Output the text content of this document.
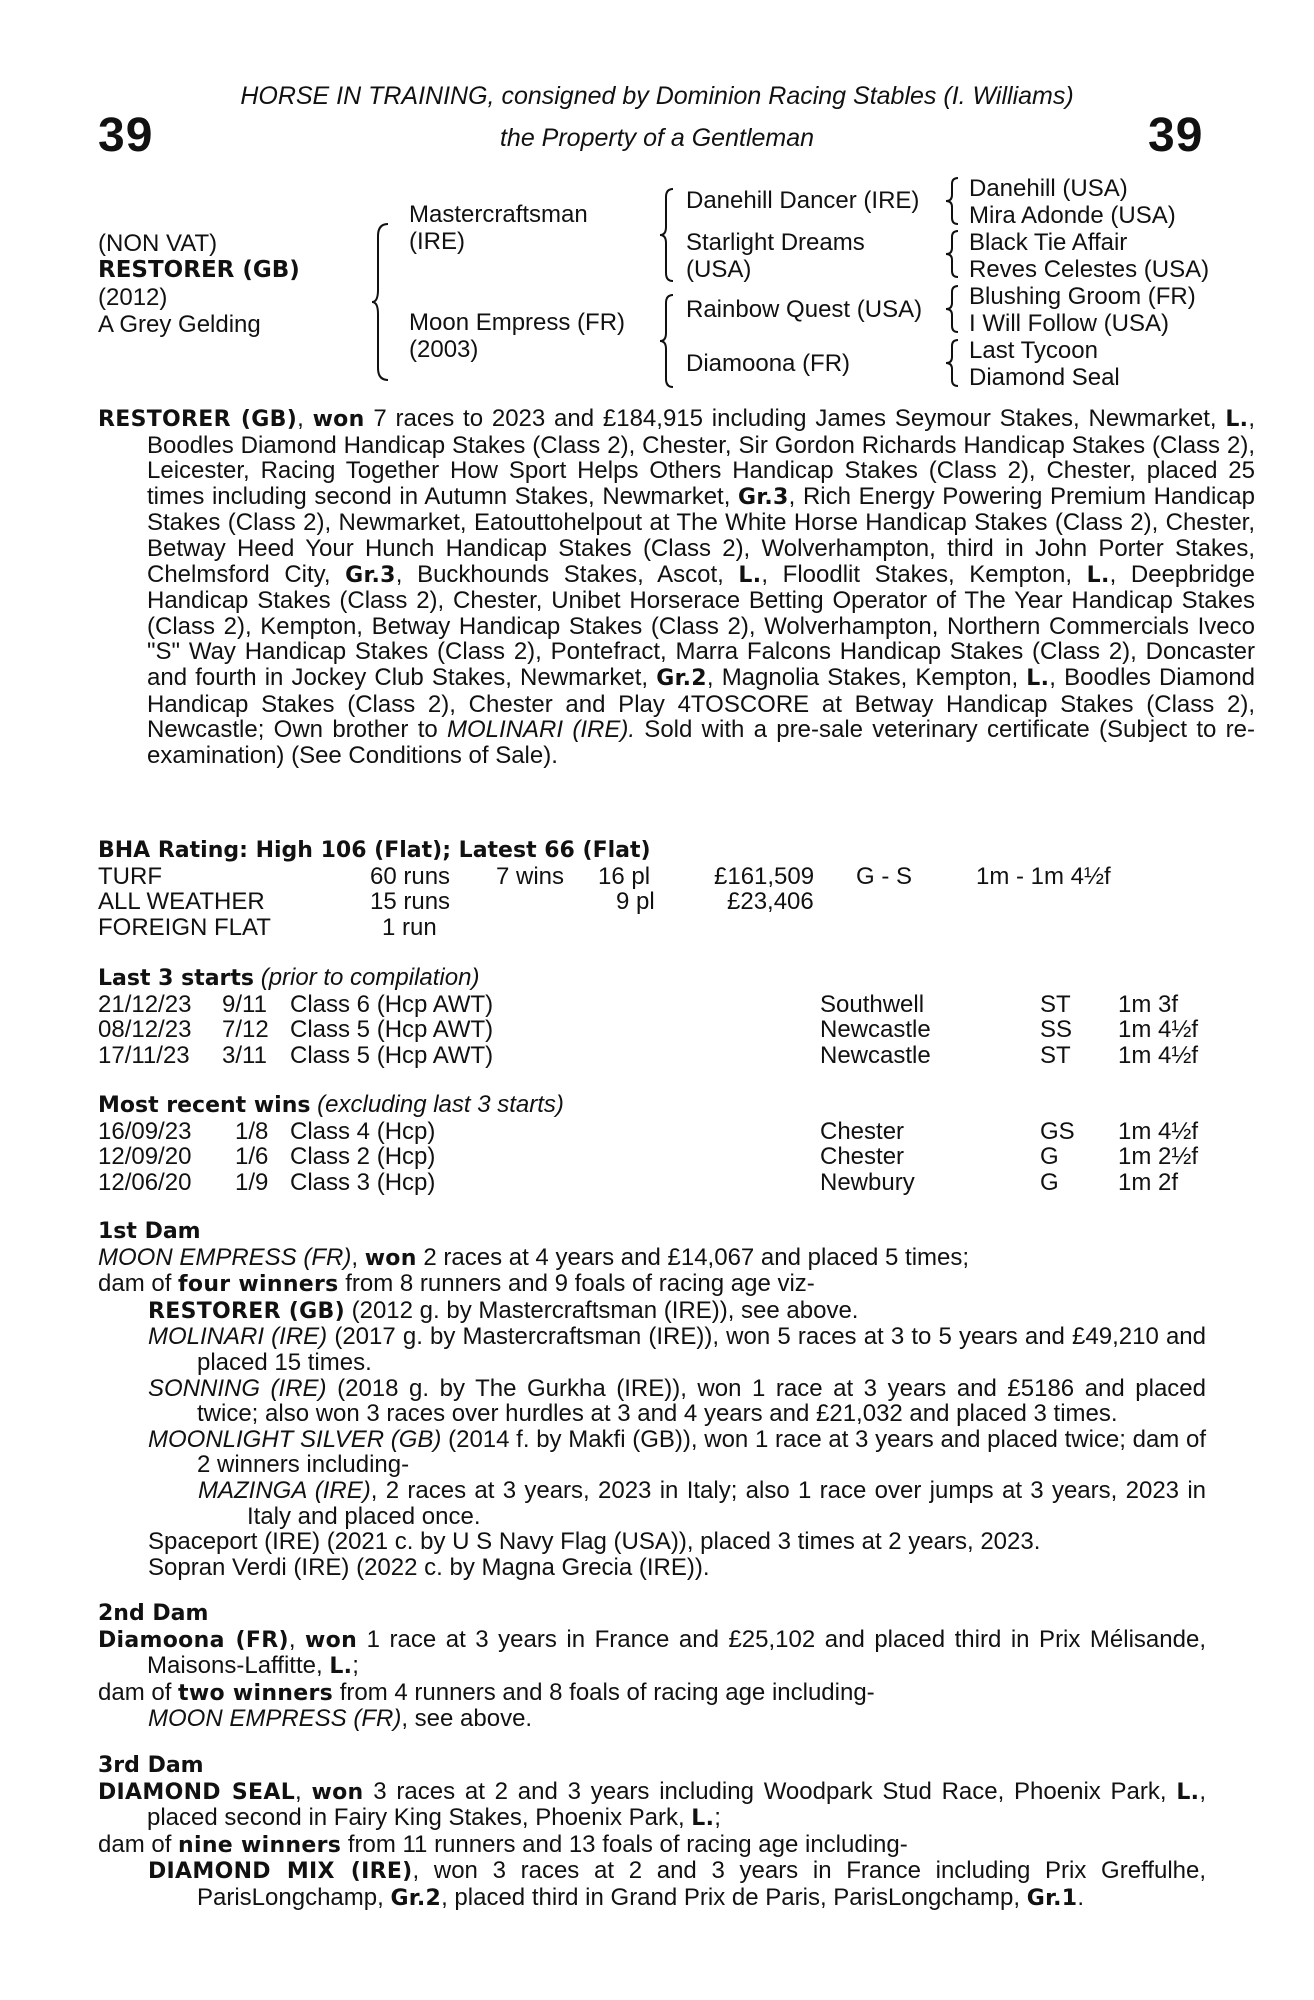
39	39
HORSE IN TRAINING, consigned by Dominion Racing Stables (I. Williams)
the Property of a Gentleman
(NON VAT)
RESTORER (GB)
(2012)
A Grey Gelding
Mastercraftsman
(IRE)
Moon Empress (FR)
(2003)
Danehill Dancer (IRE)
Starlight Dreams
(USA)
Rainbow Quest (USA)
Diamoona (FR)
Danehill (USA)
Mira Adonde (USA)
Black Tie Affair
Reves Celestes (USA)
Blushing Groom (FR)
I Will Follow (USA)
Last Tycoon
Diamond Seal
RESTORER (GB), won 7 races to 2023 and £184,915 including James Seymour Stakes, Newmarket, L., Boodles Diamond Handicap Stakes (Class 2), Chester, Sir Gordon Richards Handicap Stakes (Class 2), Leicester, Racing Together How Sport Helps Others Handicap Stakes (Class 2), Chester, placed 25 times including second in Autumn Stakes, Newmarket, Gr.3, Rich Energy Powering Premium Handicap Stakes (Class 2), Newmarket, Eatouttohelpout at The White Horse Handicap Stakes (Class 2), Chester, Betway Heed Your Hunch Handicap Stakes (Class 2), Wolverhampton, third in John Porter Stakes, Chelmsford City, Gr.3, Buckhounds Stakes, Ascot, L., Floodlit Stakes, Kempton, L., Deepbridge Handicap Stakes (Class 2), Chester, Unibet Horserace Betting Operator of The Year Handicap Stakes (Class 2), Kempton, Betway Handicap Stakes (Class 2), Wolverhampton, Northern Commercials Iveco "S" Way Handicap Stakes (Class 2), Pontefract, Marra Falcons Handicap Stakes (Class 2), Doncaster and fourth in Jockey Club Stakes, Newmarket, Gr.2, Magnolia Stakes, Kempton, L., Boodles Diamond Handicap Stakes (Class 2), Chester and Play 4TOSCORE at Betway Handicap Stakes (Class 2), Newcastle; Own brother to MOLINARI (IRE). Sold with a pre-sale veterinary certificate (Subject to re-examination) (See Conditions of Sale).
BHA Rating: High 106 (Flat); Latest 66 (Flat)
TURF	60 runs 7 wins 16 pl	£161,509 G - S	1m - 1m 4½f
ALL WEATHER	15 runs	9 pl	£23,406
FOREIGN FLAT	1 run
Last 3 starts (prior to compilation)
21/12/23 9/11 Class 6 (Hcp AWT)	Southwell	ST 1m 3f
08/12/23 7/12 Class 5 (Hcp AWT)	Newcastle	SS 1m 4½f
17/11/23 3/11 Class 5 (Hcp AWT)	Newcastle	ST 1m 4½f
Most recent wins (excluding last 3 starts)
16/09/23 1/8 Class 4 (Hcp)	Chester	GS 1m 4½f
12/09/20 1/6 Class 2 (Hcp)	Chester	G 1m 2½f
12/06/20 1/9 Class 3 (Hcp)	Newbury	G 1m 2f
1st Dam
MOON EMPRESS (FR), won 2 races at 4 years and £14,067 and placed 5 times;
dam of four winners from 8 runners and 9 foals of racing age viz-
RESTORER (GB) (2012 g. by Mastercraftsman (IRE)), see above.
MOLINARI (IRE) (2017 g. by Mastercraftsman (IRE)), won 5 races at 3 to 5 years and £49,210 and placed 15 times.
SONNING (IRE) (2018 g. by The Gurkha (IRE)), won 1 race at 3 years and £5186 and placed twice; also won 3 races over hurdles at 3 and 4 years and £21,032 and placed 3 times.
MOONLIGHT SILVER (GB) (2014 f. by Makfi (GB)), won 1 race at 3 years and placed twice; dam of 2 winners including-
MAZINGA (IRE), 2 races at 3 years, 2023 in Italy; also 1 race over jumps at 3 years, 2023 in Italy and placed once.
Spaceport (IRE) (2021 c. by U S Navy Flag (USA)), placed 3 times at 2 years, 2023.
Sopran Verdi (IRE) (2022 c. by Magna Grecia (IRE)).
2nd Dam
Diamoona (FR), won 1 race at 3 years in France and £25,102 and placed third in Prix Mélisande, Maisons-Laffitte, L.;
dam of two winners from 4 runners and 8 foals of racing age including-
MOON EMPRESS (FR), see above.
3rd Dam
DIAMOND SEAL, won 3 races at 2 and 3 years including Woodpark Stud Race, Phoenix Park, L., placed second in Fairy King Stakes, Phoenix Park, L.;
dam of nine winners from 11 runners and 13 foals of racing age including-
DIAMOND MIX (IRE), won 3 races at 2 and 3 years in France including Prix Greffulhe, ParisLongchamp, Gr.2, placed third in Grand Prix de Paris, ParisLongchamp, Gr.1.
